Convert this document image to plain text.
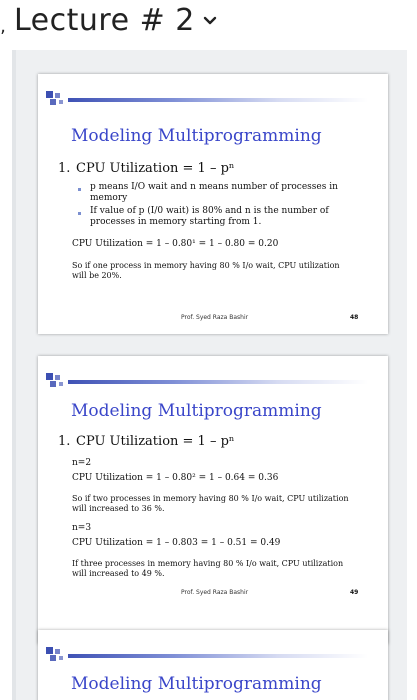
‚ Lecture # 2
Modeling Multiprogramming
1. CPU Utilization = 1 – pⁿ
p means I/O wait and n means number of processes in
memory
If value of p (I/0 wait) is 80% and n is the number of
processes in memory starting from 1.
CPU Utilization = 1 – 0.80¹ = 1 – 0.80 = 0.20
So if one process in memory having 80 % I/o wait, CPU utilization
will be 20%.
Prof. Syed Raza Bashir	48
Modeling Multiprogramming
1. CPU Utilization = 1 – pⁿ
n=2
CPU Utilization = 1 – 0.80² = 1 – 0.64 = 0.36
So if two processes in memory having 80 % I/o wait, CPU utilization
will increased to 36 %.
n=3
CPU Utilization = 1 – 0.803 = 1 – 0.51 = 0.49
If three processes in memory having 80 % I/o wait, CPU utilization
will increased to 49 %.
Prof. Syed Raza Bashir	49
Modeling Multiprogramming
